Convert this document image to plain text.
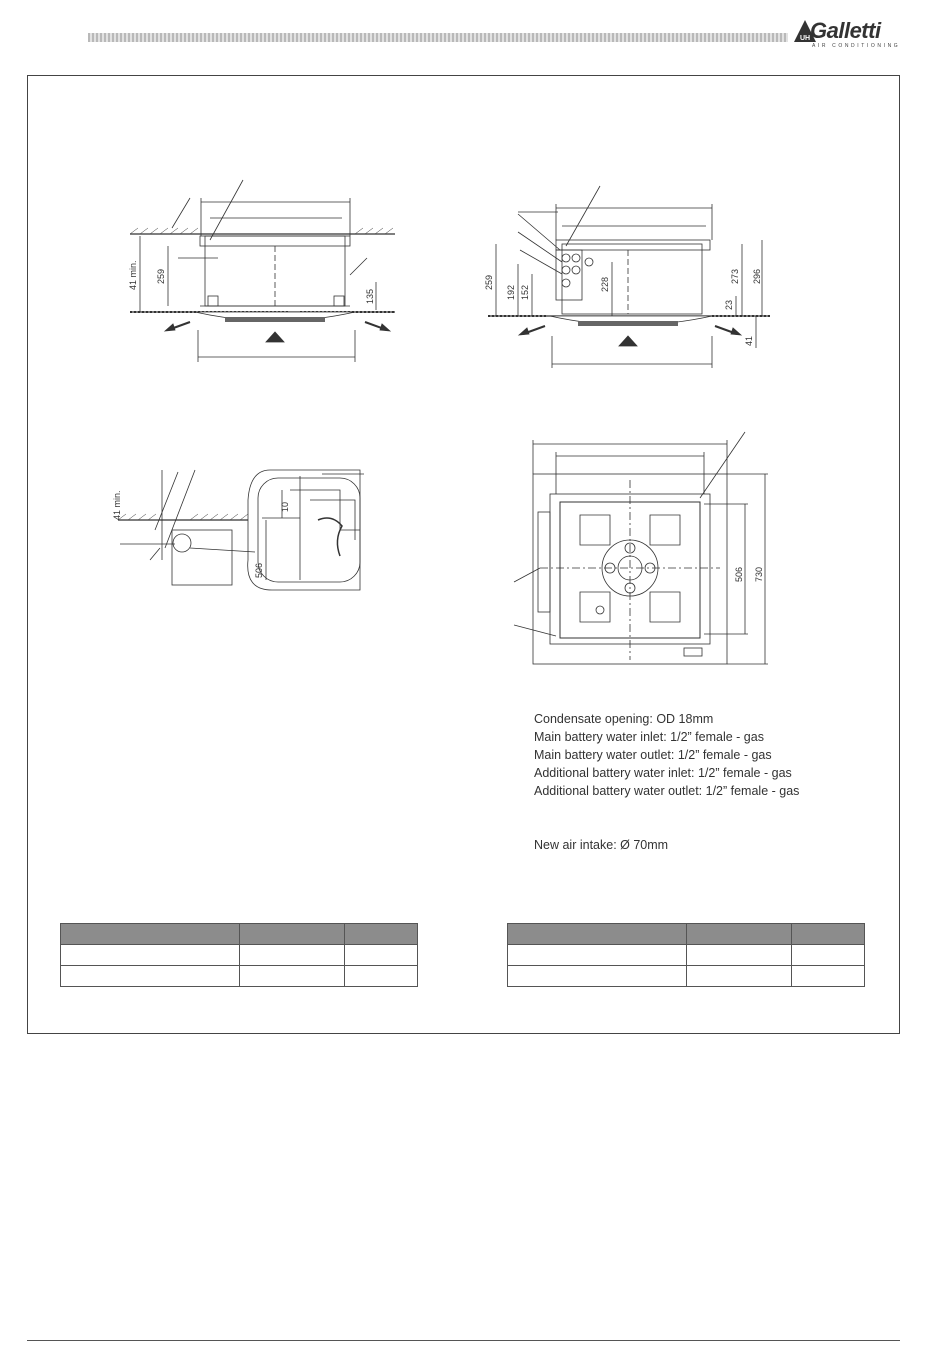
UH Galletti
AIR CONDITIONING
41 min. 259
135
259
192 152
228
273 296
23
41
41 min.	10
506	506 730
Condensate opening: OD 18mm
Main battery water inlet: 1/2” female - gas
Main battery water outlet: 1/2” female - gas
Additional battery water inlet: 1/2” female - gas
Additional battery water outlet: 1/2” female - gas
New air intake: Ø 70mm
